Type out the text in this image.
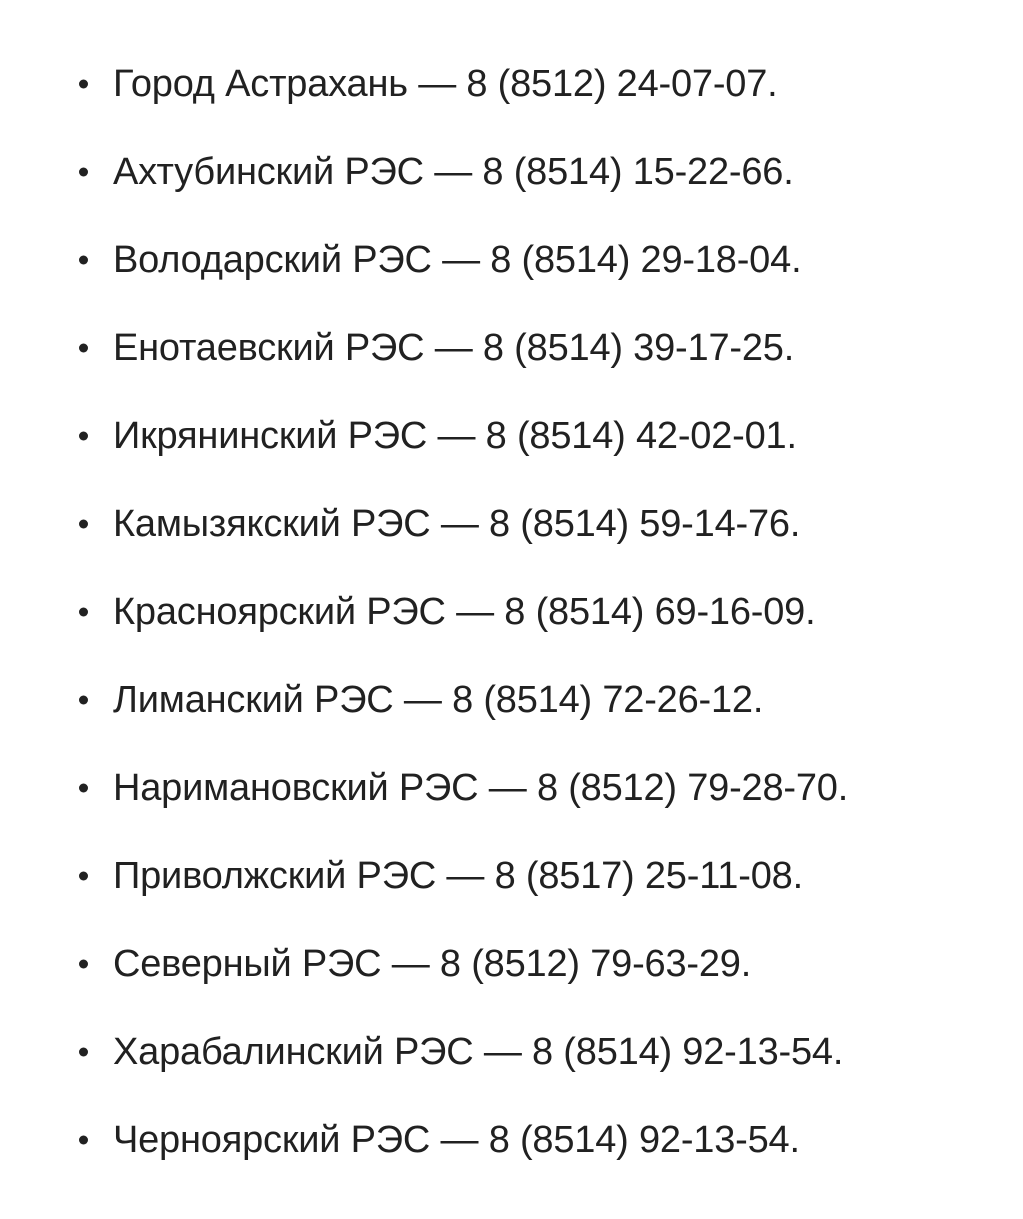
Город Астрахань — 8 (8512) 24-07-07.
Ахтубинский РЭС — 8 (8514) 15-22-66.
Володарский РЭС — 8 (8514) 29-18-04.
Енотаевский РЭС — 8 (8514) 39-17-25.
Икрянинский РЭС — 8 (8514) 42-02-01.
Камызякский РЭС — 8 (8514) 59-14-76.
Красноярский РЭС — 8 (8514) 69-16-09.
Лиманский РЭС — 8 (8514) 72-26-12.
Наримановский РЭС — 8 (8512) 79-28-70.
Приволжский РЭС — 8 (8517) 25-11-08.
Северный РЭС — 8 (8512) 79-63-29.
Харабалинский РЭС — 8 (8514) 92-13-54.
Черноярский РЭС — 8 (8514) 92-13-54.
